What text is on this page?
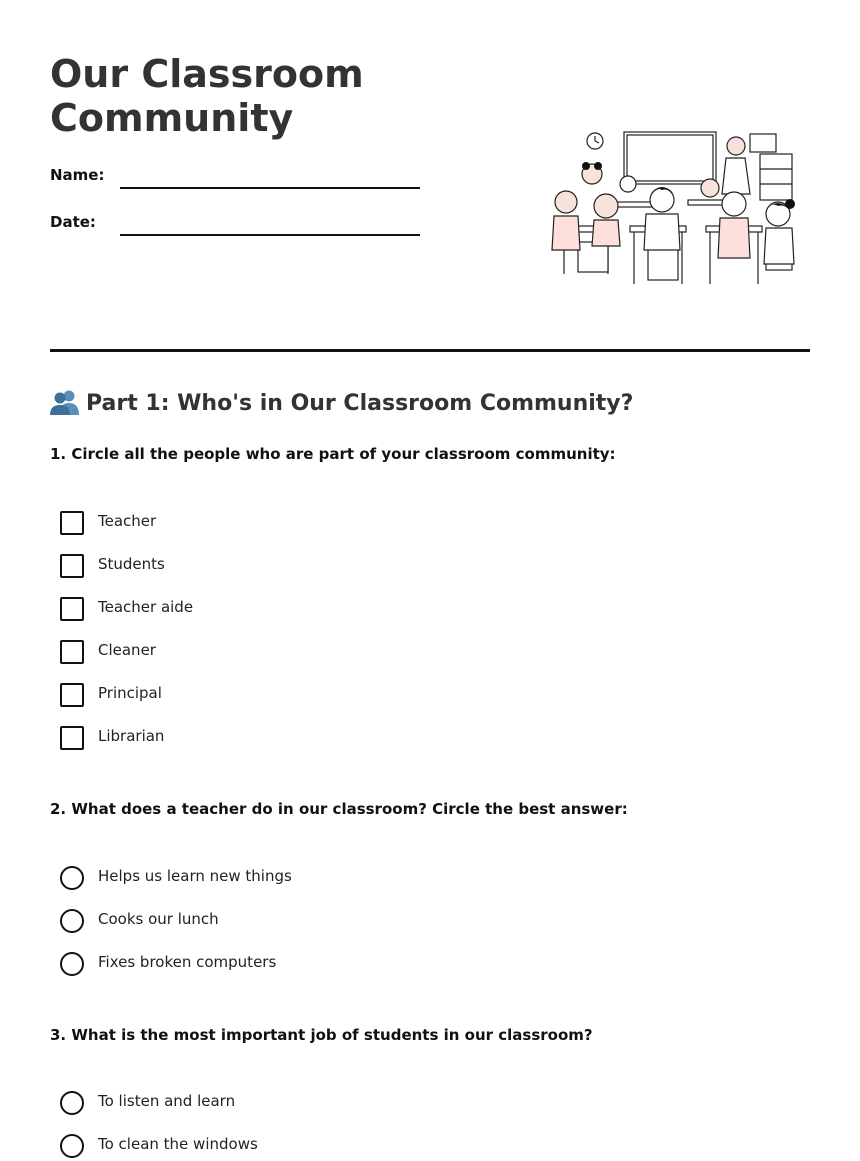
Our Classroom
Community
Name:
Date:
Part 1: Who's in Our Classroom Community?

1. Circle all the people who are part of your classroom community:

Teacher
Students
Teacher aide
Cleaner
Principal
Librarian

2. What does a teacher do in our classroom? Circle the best answer:

Helps us learn new things
Cooks our lunch
Fixes broken computers

3. What is the most important job of students in our classroom?

To listen and learn
To clean the windows
